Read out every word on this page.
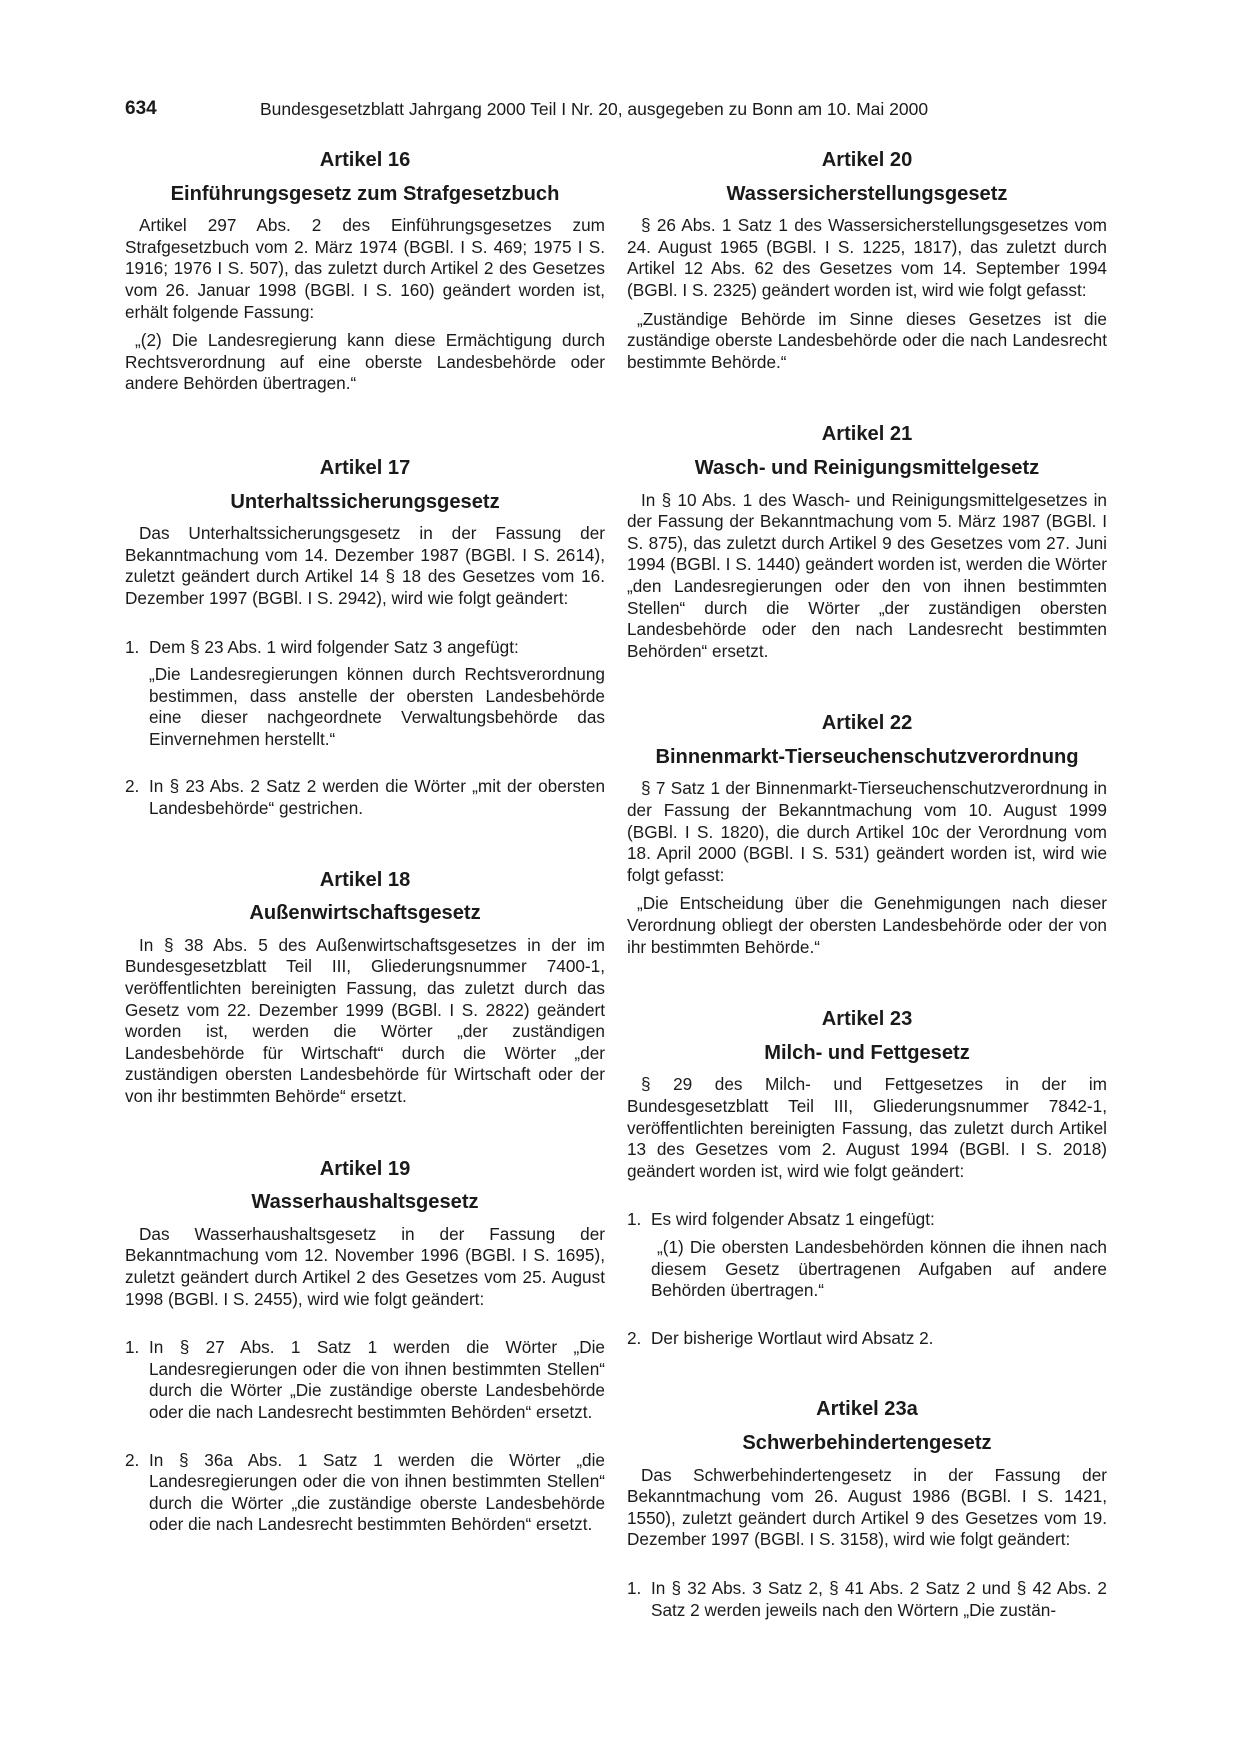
634	Bundesgesetzblatt Jahrgang 2000 Teil I Nr. 20, ausgegeben zu Bonn am 10. Mai 2000
Artikel 16
Einführungsgesetz zum Strafgesetzbuch

Artikel 297 Abs. 2 des Einführungsgesetzes zum Strafgesetzbuch vom 2. März 1974 (BGBl. I S. 469; 1975 I S. 1916; 1976 I S. 507), das zuletzt durch Artikel 2 des Gesetzes vom 26. Januar 1998 (BGBl. I S. 160) geändert worden ist, erhält folgende Fassung:

„(2) Die Landesregierung kann diese Ermächtigung durch Rechtsverordnung auf eine oberste Landesbehörde oder andere Behörden übertragen.“

Artikel 17
Unterhaltssicherungsgesetz

Das Unterhaltssicherungsgesetz in der Fassung der Bekanntmachung vom 14. Dezember 1987 (BGBl. I S. 2614), zuletzt geändert durch Artikel 14 § 18 des Gesetzes vom 16. Dezember 1997 (BGBl. I S. 2942), wird wie folgt geändert:

1. Dem § 23 Abs. 1 wird folgender Satz 3 angefügt:
„Die Landesregierungen können durch Rechtsverordnung bestimmen, dass anstelle der obersten Landesbehörde eine dieser nachgeordnete Verwaltungsbehörde das Einvernehmen herstellt.“
2. In § 23 Abs. 2 Satz 2 werden die Wörter „mit der obersten Landesbehörde“ gestrichen.
Artikel 18
Außenwirtschaftsgesetz

In § 38 Abs. 5 des Außenwirtschaftsgesetzes in der im Bundesgesetzblatt Teil III, Gliederungsnummer 7400-1, veröffentlichten bereinigten Fassung, das zuletzt durch das Gesetz vom 22. Dezember 1999 (BGBl. I S. 2822) geändert worden ist, werden die Wörter „der zuständigen Landesbehörde für Wirtschaft“ durch die Wörter „der zuständigen obersten Landesbehörde für Wirtschaft oder der von ihr bestimmten Behörde“ ersetzt.

Artikel 19
Wasserhaushaltsgesetz

Das Wasserhaushaltsgesetz in der Fassung der Bekanntmachung vom 12. November 1996 (BGBl. I S. 1695), zuletzt geändert durch Artikel 2 des Gesetzes vom 25. August 1998 (BGBl. I S. 2455), wird wie folgt geändert:

1. In § 27 Abs. 1 Satz 1 werden die Wörter „Die Landesregierungen oder die von ihnen bestimmten Stellen“ durch die Wörter „Die zuständige oberste Landesbehörde oder die nach Landesrecht bestimmten Behörden“ ersetzt.
2. In § 36a Abs. 1 Satz 1 werden die Wörter „die Landesregierungen oder die von ihnen bestimmten Stellen“ durch die Wörter „die zuständige oberste Landesbehörde oder die nach Landesrecht bestimmten Behörden“ ersetzt.
Artikel 20
Wassersicherstellungsgesetz

§ 26 Abs. 1 Satz 1 des Wassersicherstellungsgesetzes vom 24. August 1965 (BGBl. I S. 1225, 1817), das zuletzt durch Artikel 12 Abs. 62 des Gesetzes vom 14. September 1994 (BGBl. I S. 2325) geändert worden ist, wird wie folgt gefasst:

„Zuständige Behörde im Sinne dieses Gesetzes ist die zuständige oberste Landesbehörde oder die nach Landesrecht bestimmte Behörde.“

Artikel 21
Wasch- und Reinigungsmittelgesetz

In § 10 Abs. 1 des Wasch- und Reinigungsmittelgesetzes in der Fassung der Bekanntmachung vom 5. März 1987 (BGBl. I S. 875), das zuletzt durch Artikel 9 des Gesetzes vom 27. Juni 1994 (BGBl. I S. 1440) geändert worden ist, werden die Wörter „den Landesregierungen oder den von ihnen bestimmten Stellen“ durch die Wörter „der zuständigen obersten Landesbehörde oder den nach Landesrecht bestimmten Behörden“ ersetzt.

Artikel 22
Binnenmarkt-Tierseuchenschutzverordnung

§ 7 Satz 1 der Binnenmarkt-Tierseuchenschutzverordnung in der Fassung der Bekanntmachung vom 10. August 1999 (BGBl. I S. 1820), die durch Artikel 10c der Verordnung vom 18. April 2000 (BGBl. I S. 531) geändert worden ist, wird wie folgt gefasst:

„Die Entscheidung über die Genehmigungen nach dieser Verordnung obliegt der obersten Landesbehörde oder der von ihr bestimmten Behörde.“

Artikel 23
Milch- und Fettgesetz

§ 29 des Milch- und Fettgesetzes in der im Bundesgesetzblatt Teil III, Gliederungsnummer 7842-1, veröffentlichten bereinigten Fassung, das zuletzt durch Artikel 13 des Gesetzes vom 2. August 1994 (BGBl. I S. 2018) geändert worden ist, wird wie folgt geändert:

1. Es wird folgender Absatz 1 eingefügt:
„(1) Die obersten Landesbehörden können die ihnen nach diesem Gesetz übertragenen Aufgaben auf andere Behörden übertragen.“
2. Der bisherige Wortlaut wird Absatz 2.
Artikel 23a
Schwerbehindertengesetz

Das Schwerbehindertengesetz in der Fassung der Bekanntmachung vom 26. August 1986 (BGBl. I S. 1421, 1550), zuletzt geändert durch Artikel 9 des Gesetzes vom 19. Dezember 1997 (BGBl. I S. 3158), wird wie folgt geändert:

1. In § 32 Abs. 3 Satz 2, § 41 Abs. 2 Satz 2 und § 42 Abs. 2 Satz 2 werden jeweils nach den Wörtern „Die zustän-
